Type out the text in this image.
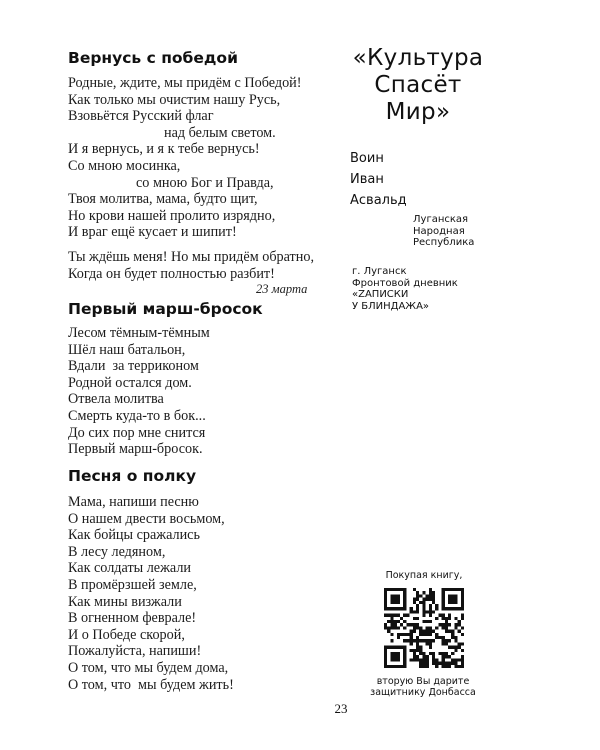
Вернусь с победой
Родные, ждите, мы придём с Победой!
Как только мы очистим нашу Русь,
Взовьётся Русский флаг
над белым светом.
И я вернусь, и я к тебе вернусь!
Со мною мосинка,
со мною Бог и Правда,
Твоя молитва, мама, будто щит,
Но крови нашей пролито изрядно,
И враг ещё кусает и шипит!
Ты ждёшь меня! Но мы придём обратно,
Когда он будет полностью разбит!
23 марта
Первый марш-бросок
Лесом тёмным-тёмным
Шёл наш батальон,
Вдали  за терриконом
Родной остался дом.
Отвела молитва
Смерть куда-то в бок...
До сих пор мне снится
Первый марш-бросок.
Песня о полку
Мама, напиши песню
О нашем двести восьмом,
Как бойцы сражались
В лесу ледяном,
Как солдаты лежали
В промёрзшей земле,
Как мины визжали
В огненном феврале!
И о Победе скорой,
Пожалуйста, напиши!
О том, что мы будем дома,
О том, что  мы будем жить!
«Культура
Спасёт
Мир»
Воин
Иван
Асвальд
Луганская
Народная
Республика
г. Луганск
Фронтовой дневник
«ZАПИСКИ
У БЛИНДАЖА»
Покупая книгу,
вторую Вы дарите
защитнику Донбасса
23
